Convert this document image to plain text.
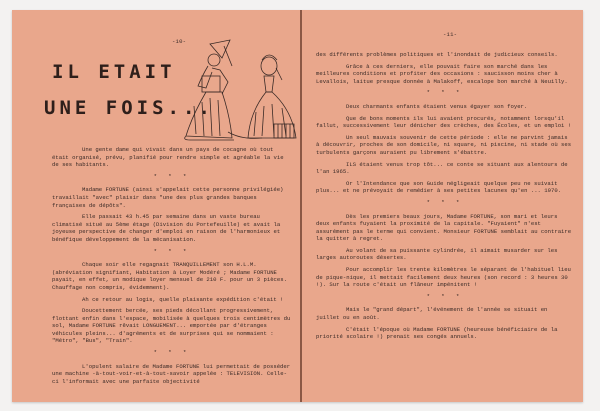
-10-
IL ETAIT
UNE FOIS...

Une gente dame qui vivait dans un pays de cocagne où tout était organisé, prévu, planifié pour rendre simple et agréable la vie de ses habitants.

* * *

Madame FORTUNE (ainsi s'appelait cette personne privilégiée) travaillait "avec" plaisir dans "une des plus grandes banques françaises de dépôts".

Elle passait 43 h.45 par semaine dans un vaste bureau climatisé situé au 5ème étage (Division du Portefeuille) et avait la joyeuse perspective de changer d'emploi en raison de l'harmonieux et bénéfique développement de la mécanisation.

* * *

Chaque soir elle regagnait TRANQUILLEMENT son H.L.M. (abréviation signifiant, Habitation à Loyer Modéré ; Madame FORTUNE payait, en effet, un modique loyer mensuel de 210 F. pour un 3 pièces. Chauffage non compris, évidemment).

Ah ce retour au logis, quelle plaisante expédition c'était !

Doucettement bercée, ses pieds décollant progressivement, flottant enfin dans l'espace, mobilisée à quelques trois centimètres du sol, Madame FORTUNE rêvait LONGUEMENT... emportée par d'étranges véhicules pleins... d'agréments et de surprises qui se nommaient : "Métro", "Bus", "Train".

* * *

L'opulent salaire de Madame FORTUNE lui permettait de posséder une machine -à-tout-voir-et-à-tout-savoir appelée : TELEVISION. Celle-ci l'informait avec une parfaite objectivité

-11-

des différents problèmes politiques et l'inondait de judicieux conseils.

Grâce à ces derniers, elle pouvait faire son marché dans les meilleures conditions et profiter des occasions : saucisson moins cher à Levallois, laitue presque donnée à Malakoff, escalope bon marché à Neuilly.

* * *

Deux charmants enfants étaient venus égayer son foyer.

Que de bons moments ils lui avaient procurés, notamment lorsqu'il fallut, successivement leur dénicher des crèches, des Écoles, et un emploi !

Un seul mauvais souvenir de cette période : elle ne parvint jamais à découvrir, proches de son domicile, ni square, ni piscine, ni stade où ses turbulents garçons auraient pu librement s'ébattre.

ILS étaient venus trop tôt... ce conte se situant aux alentours de l'an 1965.

Or l'Intendance que son Guide négligeait quelque peu ne suivait plus... et ne prévoyait de remédier à ses petites lacunes qu'en ... 1970.

* * *

Dès les premiers beaux jours, Madame FORTUNE, son mari et leurs deux enfants fuyaient la proximité de la capitale. "Fuyaient" n'est assurément pas le terme qui convient. Monsieur FORTUNE semblait au contraire la quitter à regret.

Au volant de sa puissante cylindrée, il aimait musarder sur les larges autoroutes désertes.

Pour accomplir les trente kilomètres le séparant de l'habituel lieu de pique-nique, il mettait facilement deux heures (son record : 3 heures 30 !). Sur la route c'était un flâneur impénitent !

* * *

Mais le "grand départ", l'événement de l'année se situait en juillet ou en août.

C'était l'époque où Madame FORTUNE (heureuse bénéficiaire de la priorité scolaire !) prenait ses congés annuels.
